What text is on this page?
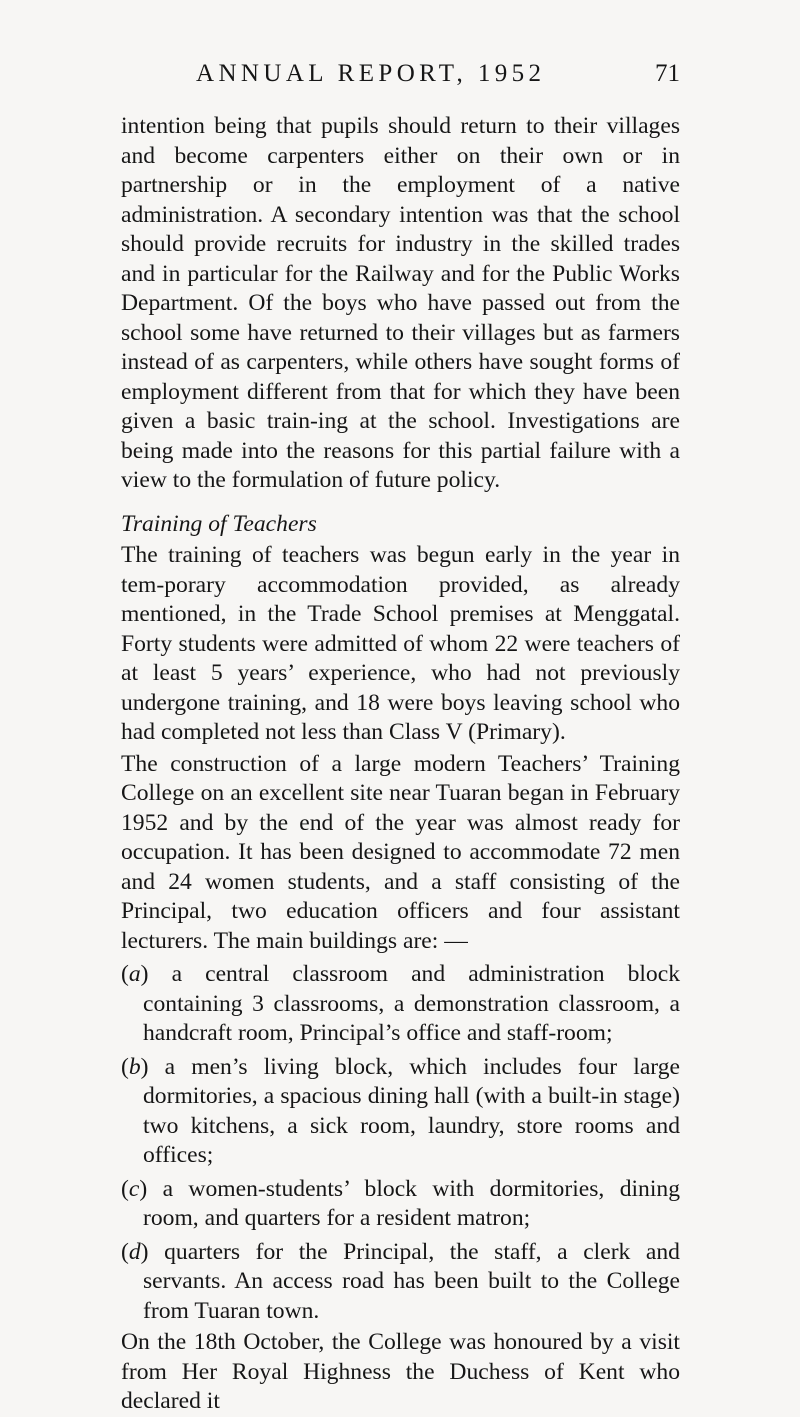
ANNUAL REPORT, 1952	71

intention being that pupils should return to their villages and become carpenters either on their own or in partnership or in the employment of a native administration. A secondary intention was that the school should provide recruits for industry in the skilled trades and in particular for the Railway and for the Public Works Department. Of the boys who have passed out from the school some have returned to their villages but as farmers instead of as carpenters, while others have sought forms of employment different from that for which they have been given a basic train-ing at the school. Investigations are being made into the reasons for this partial failure with a view to the formulation of future policy.

Training of Teachers

The training of teachers was begun early in the year in tem-porary accommodation provided, as already mentioned, in the Trade School premises at Menggatal. Forty students were admitted of whom 22 were teachers of at least 5 years’ experience, who had not previously undergone training, and 18 were boys leaving school who had completed not less than Class V (Primary).

The construction of a large modern Teachers’ Training College on an excellent site near Tuaran began in February 1952 and by the end of the year was almost ready for occupation. It has been designed to accommodate 72 men and 24 women students, and a staff consisting of the Principal, two education officers and four assistant lecturers. The main buildings are: —

(a) a central classroom and administration block containing 3 classrooms, a demonstration classroom, a handcraft room, Principal’s office and staff-room;

(b) a men’s living block, which includes four large dormitories, a spacious dining hall (with a built-in stage) two kitchens, a sick room, laundry, store rooms and offices;

(c) a women-students’ block with dormitories, dining room, and quarters for a resident matron;

(d) quarters for the Principal, the staff, a clerk and servants. An access road has been built to the College from Tuaran town.

On the 18th October, the College was honoured by a visit from Her Royal Highness the Duchess of Kent who declared it
